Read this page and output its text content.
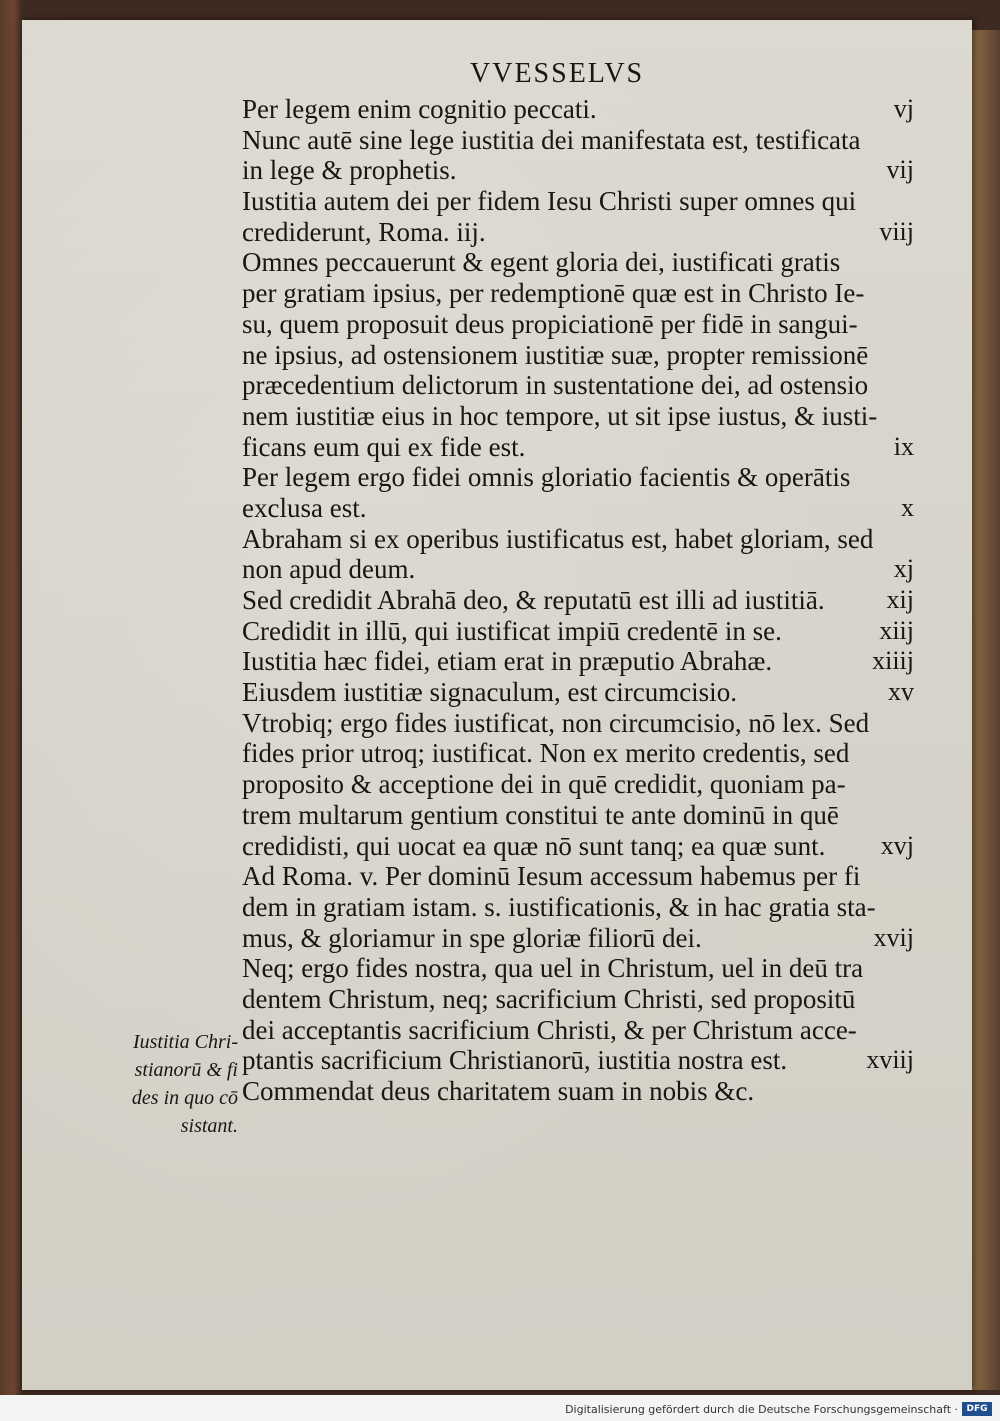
VVESSELVS
Per legem enim cognitio peccati.	vj
Nunc autē sine lege iustitia dei manifestata est, testificata
in lege & prophetis.	vij
Iustitia autem dei per fidem Iesu Christi super omnes qui
crediderunt, Roma. iij.	viij
Omnes peccauerunt & egent gloria dei, iustificati gratis
per gratiam ipsius, per redemptionē quæ est in Christo Ie-
su, quem proposuit deus propiciationē per fidē in sangui-
ne ipsius, ad ostensionem iustitiæ suæ, propter remissionē
præcedentium delictorum in sustentatione dei, ad ostensio
nem iustitiæ eius in hoc tempore, ut sit ipse iustus, & iusti-
ficans eum qui ex fide est.	ix
Per legem ergo fidei omnis gloriatio facientis & operātis
exclusa est.	x
Abraham si ex operibus iustificatus est, habet gloriam, sed
non apud deum.	xj
Sed credidit Abrahā deo, & reputatū est illi ad iustitiā. xij
Credidit in illū, qui iustificat impiū credentē in se.	xiij
Iustitia hæc fidei, etiam erat in præputio Abrahæ.	xiiij
Eiusdem iustitiæ signaculum, est circumcisio.	xv
Vtrobiq; ergo fides iustificat, non circumcisio, nō lex. Sed
fides prior utroq; iustificat. Non ex merito credentis, sed
proposito & acceptione dei in quē credidit, quoniam pa-
trem multarum gentium constitui te ante dominū in quē
credidisti, qui uocat ea quæ nō sunt tanq; ea quæ sunt. xvj
Ad Roma. v. Per dominū Iesum accessum habemus per fi
dem in gratiam istam. s. iustificationis, & in hac gratia sta-
mus, & gloriamur in spe gloriæ filiorū dei.	xvij
Neq; ergo fides nostra, qua uel in Christum, uel in deū tra
dentem Christum, neq; sacrificium Christi, sed propositū
dei acceptantis sacrificium Christi, & per Christum acce-
ptantis sacrificium Christianorū, iustitia nostra est.	xviij
Commendat deus charitatem suam in nobis &c.
Iustitia Chri-
stianorū & fi
des in quo cō
sistant.
Digitalisierung gefördert durch die Deutsche Forschungsgemeinschaft · DFG
